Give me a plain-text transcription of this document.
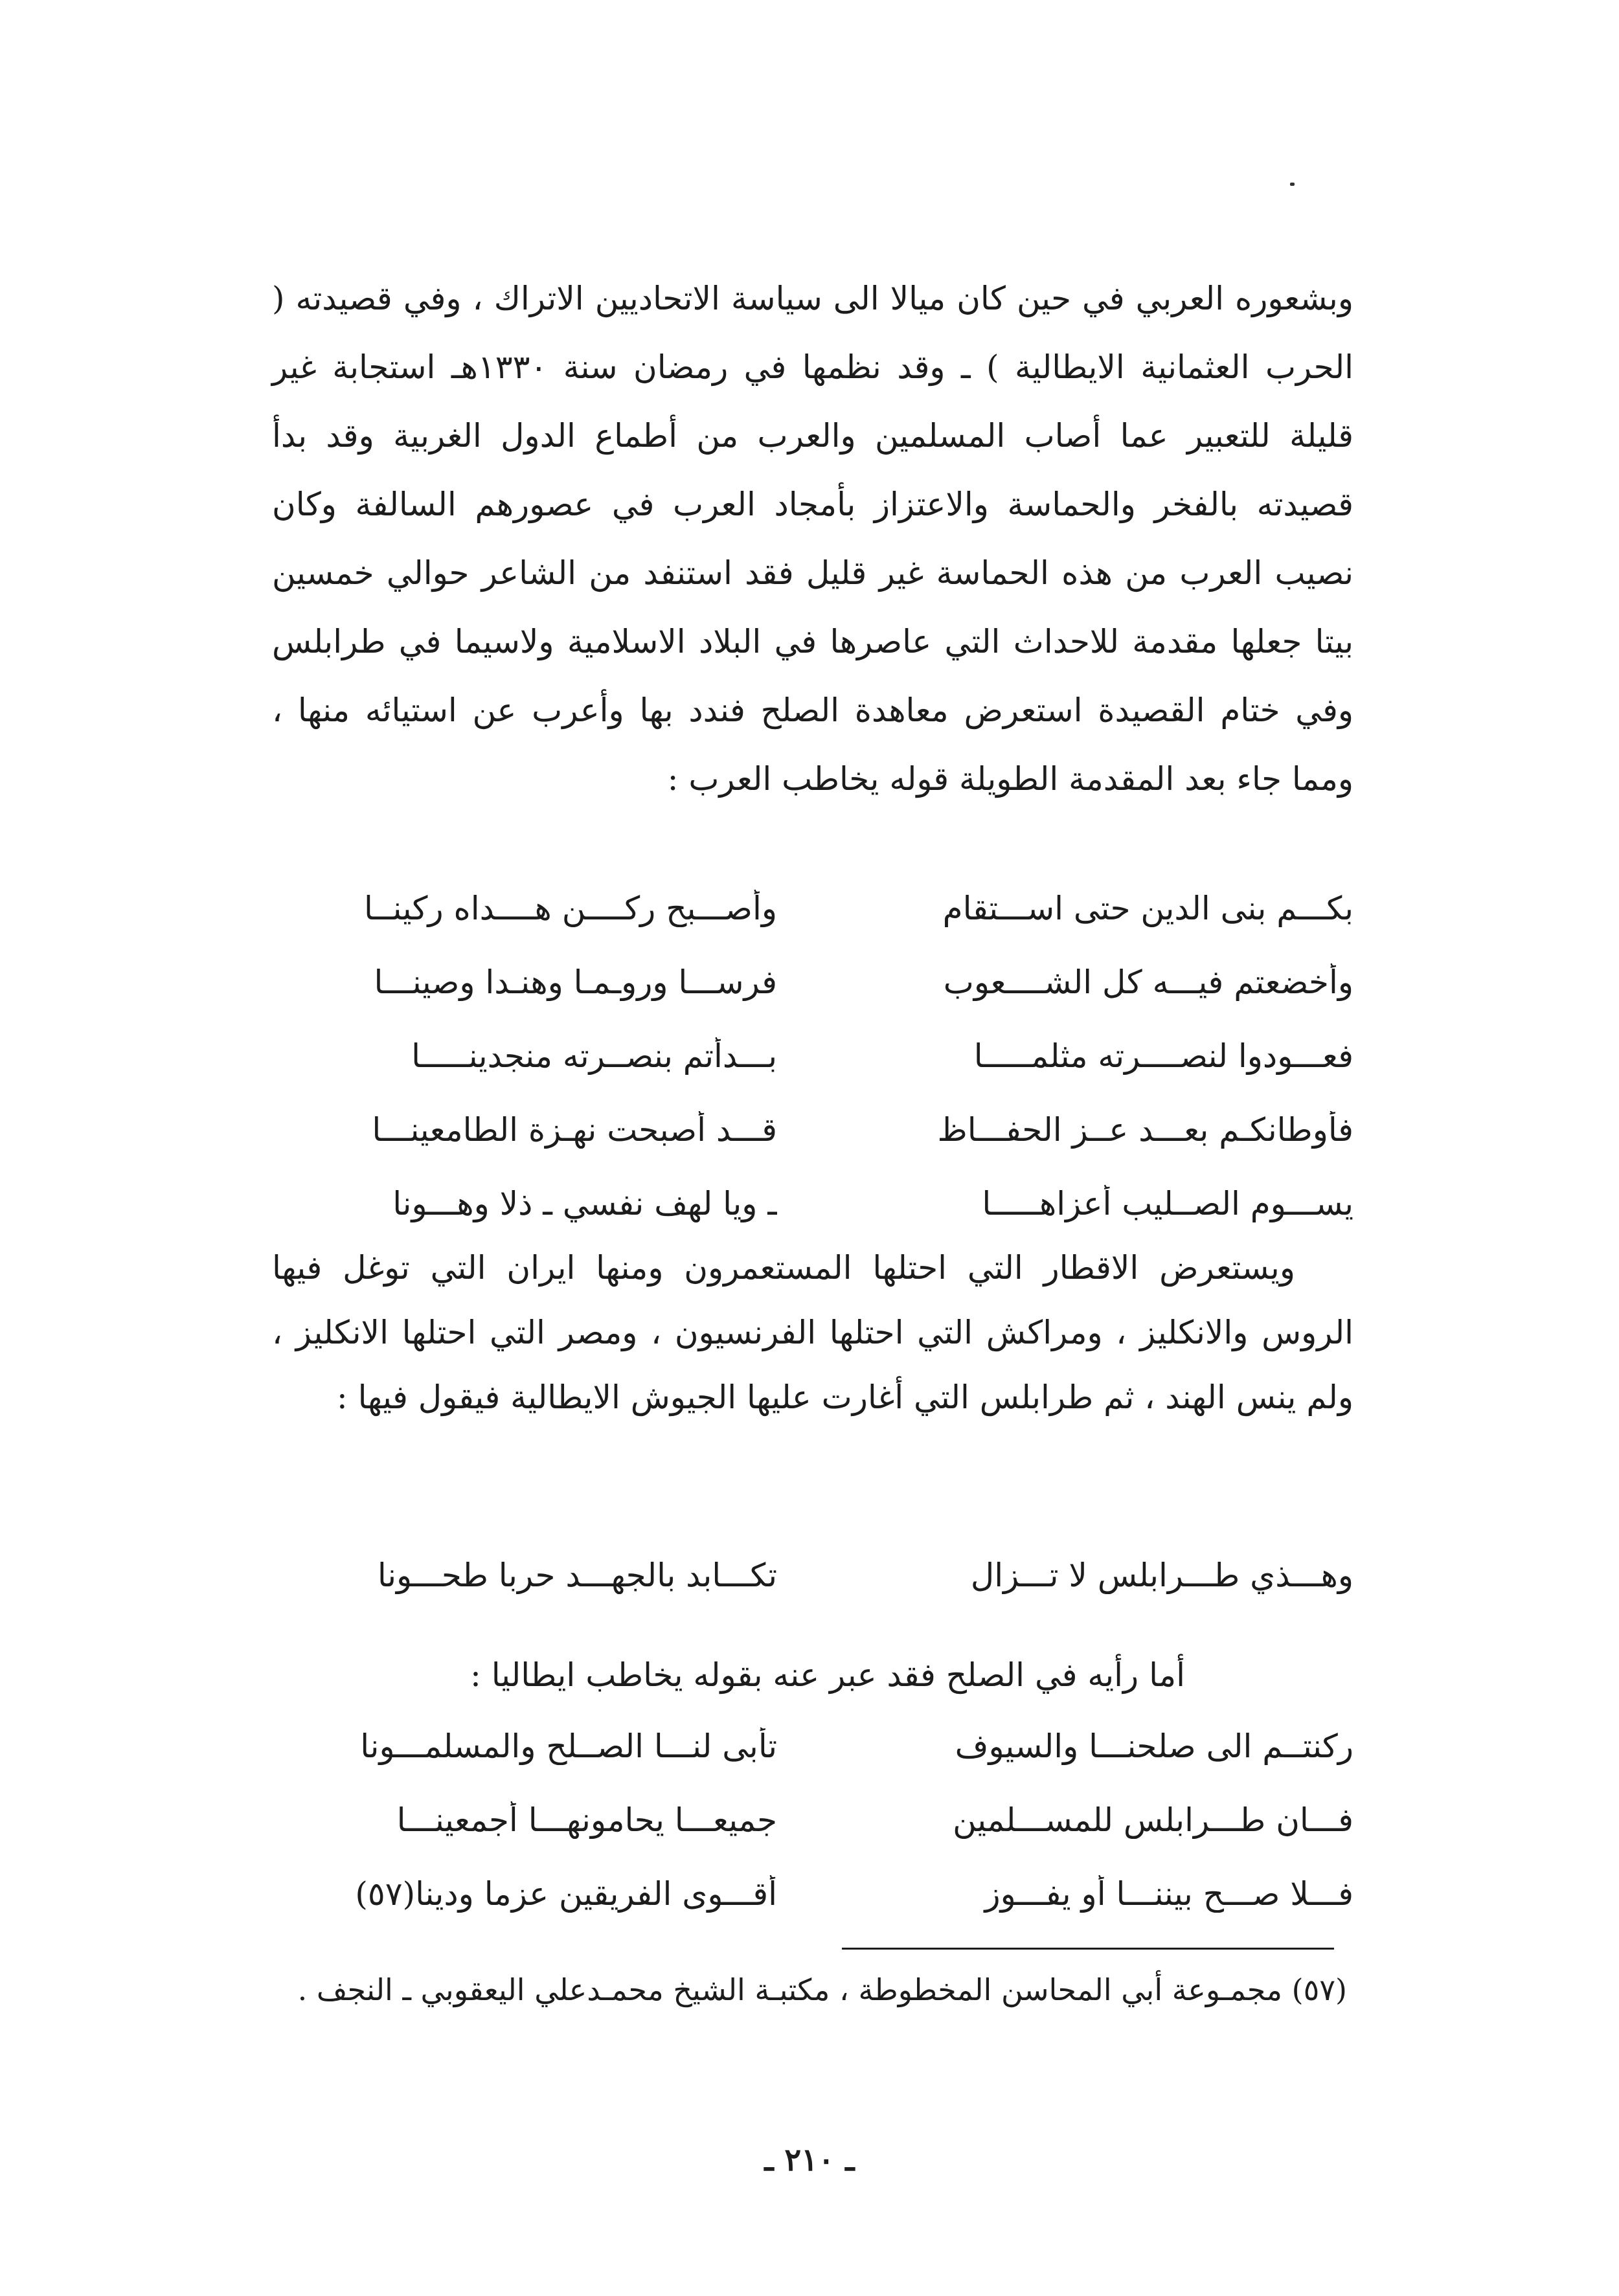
وبشعوره العربي في حين كان ميالا الى سياسة الاتحاديين الاتراك ، وفي قصيدته ( الحرب العثمانية الايطالية ) ـ وقد نظمها في رمضان سنة ١٣٣٠هـ استجابة غير قليلة للتعبير عما أصاب المسلمين والعرب من أطماع الدول الغربية وقد بدأ قصيدته بالفخر والحماسة والاعتزاز بأمجاد العرب في عصورهم السالفة وكان نصيب العرب من هذه الحماسة غير قليل فقد استنفد من الشاعر حوالي خمسين بيتا جعلها مقدمة للاحداث التي عاصرها في البلاد الاسلامية ولاسيما في طرابلس وفي ختام القصيدة استعرض معاهدة الصلح فندد بها وأعرب عن استيائه منها ، ومما جاء بعد المقدمة الطويلة قوله يخاطب العرب :

بكـــم بنى الدين حتى اســـتقام
وأصـــبح ركــــن هــــداه ركينــا
وأخضعتم فيـــه كل الشــــعوب
فرســـا وروـمـا وهنـدا وصينـــا
فعـــودوا لنصــــرته مثلمـــــا
بـــدأتم بنصــرته منجدينـــــا
فأوطانكـم بعـــد عــز الحفـــاظ
قـــد أصبحت نهـزة الطامعينـــا
يســـوم الصــليب أعزاهـــــا
ـ ويا لهف نفسي ـ ذلا وهـــونا

ويستعرض الاقطار التي احتلها المستعمرون ومنها ايران التي توغل فيها الروس والانكليز ، ومراكش التي احتلها الفرنسيون ، ومصر التي احتلها الانكليز ، ولم ينس الهند ، ثم طرابلس التي أغارت عليها الجيوش الايطالية فيقول فيها :

وهـــذي طـــرابلس لا تـــزال
تكـــابد بالجهـــد حربا طحـــونا
أما رأيه في الصلح فقد عبر عنه بقوله يخاطب ايطاليا :
ركنتــم الى صلحنـــا والسيوف
تأبى لنـــا الصــلح والمسلمـــونا
فـــان طـــرابلس للمســـلمين
جميعـــا يحامونهـــا أجمعينـــا
فـــلا صـــح بيننـــا أو يفـــوز
أقـــوى الفريقين عزما ودينا(٥٧)
(٥٧) مجمـوعة أبي المحاسن المخطوطة ، مكتبـة الشيخ محمـدعلي اليعقوبي ـ النجف .
ـ ٢١٠ ـ
